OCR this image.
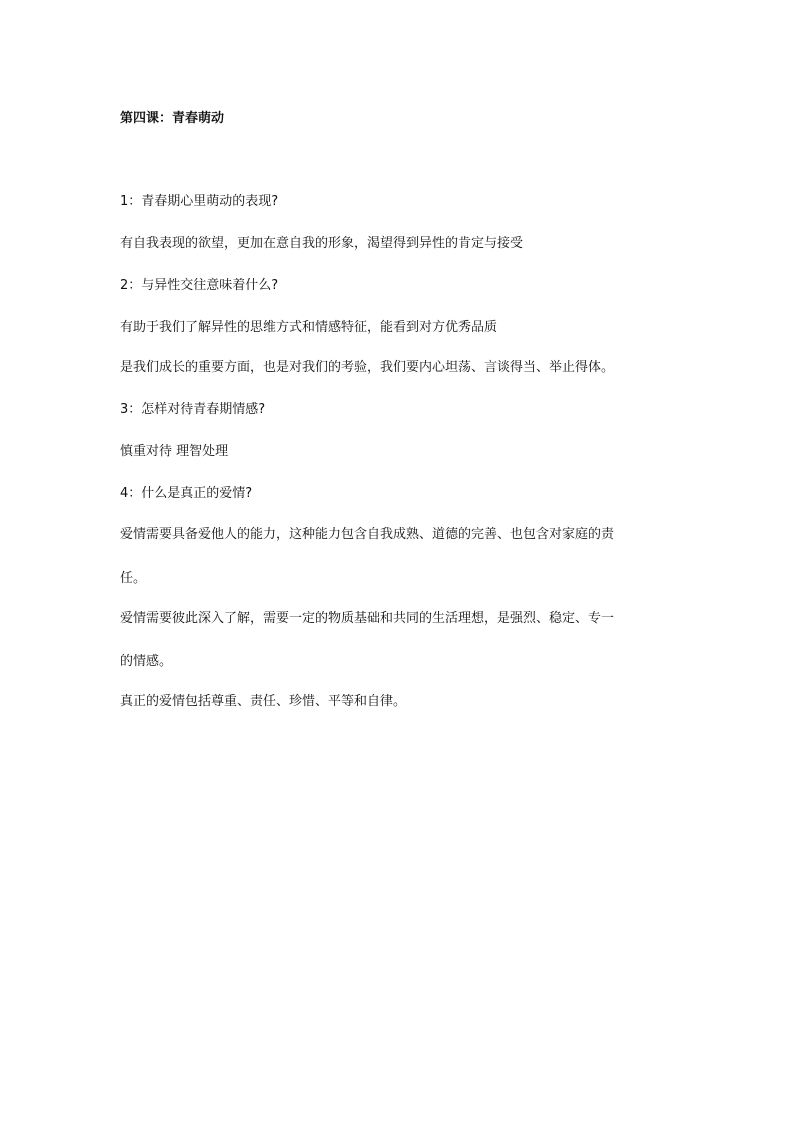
第四课：青春萌动
1：青春期心里萌动的表现?
有自我表现的欲望，更加在意自我的形象，渴望得到异性的肯定与接受
2：与异性交往意味着什么?
有助于我们了解异性的思维方式和情感特征，能看到对方优秀品质
是我们成长的重要方面，也是对我们的考验，我们要内心坦荡、言谈得当、举止得体。
3：怎样对待青春期情感?
慎重对待 理智处理
4：什么是真正的爱情?
爱情需要具备爱他人的能力，这种能力包含自我成熟、道德的完善、也包含对家庭的责
任。
爱情需要彼此深入了解，需要一定的物质基础和共同的生活理想，是强烈、稳定、专一
的情感。
真正的爱情包括尊重、责任、珍惜、平等和自律。
